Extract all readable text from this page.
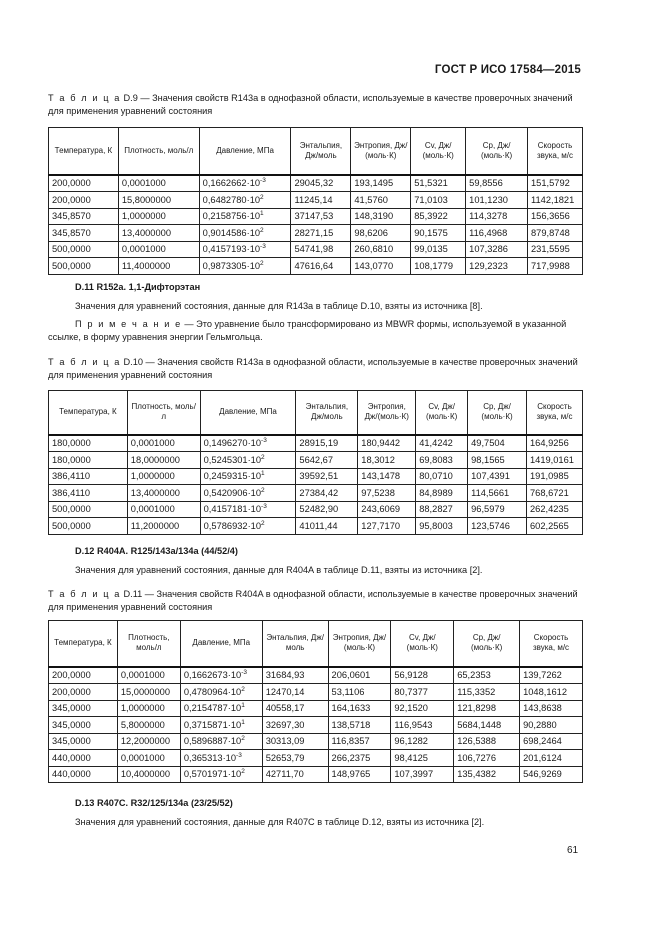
ГОСТ Р ИСО 17584—2015
Т а б л и ц а D.9 — Значения свойств R143a в однофазной области, используемые в качестве проверочных значений для применения уравнений состояния
Температура, К	Плотность, моль/л	Давление, МПа	Энтальпия, Дж/моль	Энтропия, Дж/ (моль·К)	Cv, Дж/ (моль·К)	Cp, Дж/ (моль·К)	Скорость звука, м/с
200,0000	0,0001000	$0,1662662\cdot 10^{-3}$	29045,32	193,1495	51,5321	59,8556	151,5792
200,0000	15,8000000	$0,6482780\cdot 10^2$	11245,14	41,5760	71,0103	101,1230	1142,1821
345,8570	1,0000000	$0,2158756\cdot 10^1$	37147,53	148,3190	85,3922	114,3278	156,3656
345,8570	13,4000000	$0,9014586\cdot 10^2$	28271,15	98,6206	90,1575	116,4968	879,8748
500,0000	0,0001000	$0,4157193\cdot 10^{-3}$	54741,98	260,6810	99,0135	107,3286	231,5595
500,0000	11,4000000	$0,9873305\cdot 10^2$	47616,64	143,0770	108,1779	129,2323	717,9988
D.11 R152a. 1,1-Дифторэтан
Значения для уравнений состояния, данные для R143a в таблице D.10, взяты из источника [8].
П р и м е ч а н и е — Это уравнение было трансформировано из MBWR формы, используемой в указанной ссылке, в форму уравнения энергии Гельмгольца.
Т а б л и ц а D.10 — Значения свойств R143a в однофазной области, используемые в качестве проверочных значений для применения уравнений состояния
Температура, К	Плотность, моль/л	Давление, МПа	Энтальпия, Дж/моль	Энтропия, Дж/(моль·К)	Cv, Дж/ (моль·К)	Cp, Дж/ (моль·К)	Скорость звука, м/с
180,0000	0,0001000	$0,1496270\cdot 10^{-3}$	28915,19	180,9442	41,4242	49,7504	164,9256
180,0000	18,0000000	$0,5245301\cdot 10^2$	5642,67	18,3012	69,8083	98,1565	1419,0161
386,4110	1,0000000	$0,2459315\cdot 10^1$	39592,51	143,1478	80,0710	107,4391	191,0985
386,4110	13,4000000	$0,5420906\cdot 10^2$	27384,42	97,5238	84,8989	114,5661	768,6721
500,0000	0,0001000	$0,4157181\cdot 10^{-3}$	52482,90	243,6069	88,2827	96,5979	262,4235
500,0000	11,2000000	$0,5786932\cdot 10^2$	41011,44	127,7170	95,8003	123,5746	602,2565
D.12 R404A. R125/143a/134a (44/52/4)
Значения для уравнений состояния, данные для R404A в таблице D.11, взяты из источника [2].
Т а б л и ц а D.11 — Значения свойств R404A в однофазной области, используемые в качестве проверочных значений для применения уравнений состояния
Температура, К	Плотность, моль/л	Давление, МПа	Энтальпия, Дж/моль	Энтропия, Дж/ (моль·К)	Cv, Дж/ (моль·К)	Cp, Дж/ (моль·К)	Скорость звука, м/с
200,0000	0,0001000	$0,1662673\cdot 10^{-3}$	31684,93	206,0601	56,9128	65,2353	139,7262
200,0000	15,0000000	$0,4780964\cdot 10^2$	12470,14	53,1106	80,7377	115,3352	1048,1612
345,0000	1,0000000	$0,2154787\cdot 10^1$	40558,17	164,1633	92,1520	121,8298	143,8638
345,0000	5,8000000	$0,3715871\cdot 10^1$	32697,30	138,5718	116,9543	5684,1448	90,2880
345,0000	12,2000000	$0,5896887\cdot 10^2$	30313,09	116,8357	96,1282	126,5388	698,2464
440,0000	0,0001000	$0,365313\cdot 10^{-3}$	52653,79	266,2375	98,4125	106,7276	201,6124
440,0000	10,4000000	$0,5701971\cdot 10^2$	42711,70	148,9765	107,3997	135,4382	546,9269
D.13 R407C. R32/125/134a (23/25/52)
Значения для уравнений состояния, данные для R407C в таблице D.12, взяты из источника [2].
61
